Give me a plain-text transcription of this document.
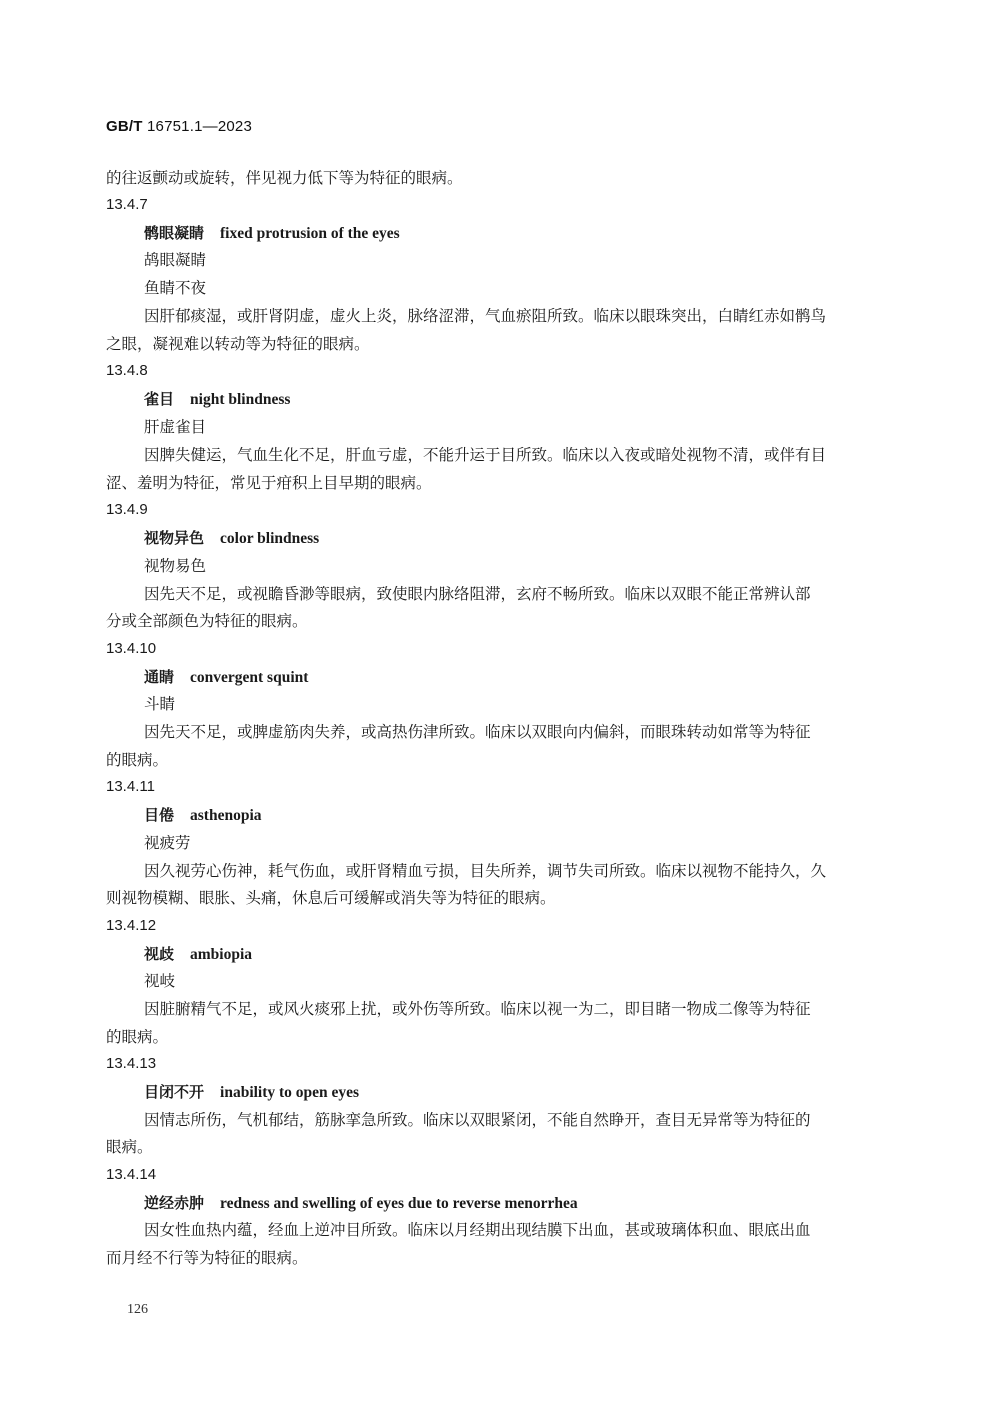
GB/T 16751.1—2023
的往返颤动或旋转，伴见视力低下等为特征的眼病。
13.4.7
鹘眼凝睛 fixed protrusion of the eyes
鸪眼凝睛
鱼睛不夜
因肝郁痰湿，或肝肾阴虚，虚火上炎，脉络涩滞，气血瘀阻所致。临床以眼珠突出，白睛红赤如鹘鸟
之眼，凝视难以转动等为特征的眼病。
13.4.8
雀目 night blindness
肝虚雀目
因脾失健运，气血生化不足，肝血亏虚，不能升运于目所致。临床以入夜或暗处视物不清，或伴有目
涩、羞明为特征，常见于疳积上目早期的眼病。
13.4.9
视物异色 color blindness
视物易色
因先天不足，或视瞻昏渺等眼病，致使眼内脉络阻滞，玄府不畅所致。临床以双眼不能正常辨认部
分或全部颜色为特征的眼病。
13.4.10
通睛 convergent squint
斗睛
因先天不足，或脾虚筋肉失养，或高热伤津所致。临床以双眼向内偏斜，而眼珠转动如常等为特征
的眼病。
13.4.11
目倦 asthenopia
视疲劳
因久视劳心伤神，耗气伤血，或肝肾精血亏损，目失所养，调节失司所致。临床以视物不能持久，久
则视物模糊、眼胀、头痛，休息后可缓解或消失等为特征的眼病。
13.4.12
视歧 ambiopia
视岐
因脏腑精气不足，或风火痰邪上扰，或外伤等所致。临床以视一为二，即目睹一物成二像等为特征
的眼病。
13.4.13
目闭不开 inability to open eyes
因情志所伤，气机郁结，筋脉挛急所致。临床以双眼紧闭，不能自然睁开，查目无异常等为特征的
眼病。
13.4.14
逆经赤肿 redness and swelling of eyes due to reverse menorrhea
因女性血热内蕴，经血上逆冲目所致。临床以月经期出现结膜下出血，甚或玻璃体积血、眼底出血
而月经不行等为特征的眼病。
126
